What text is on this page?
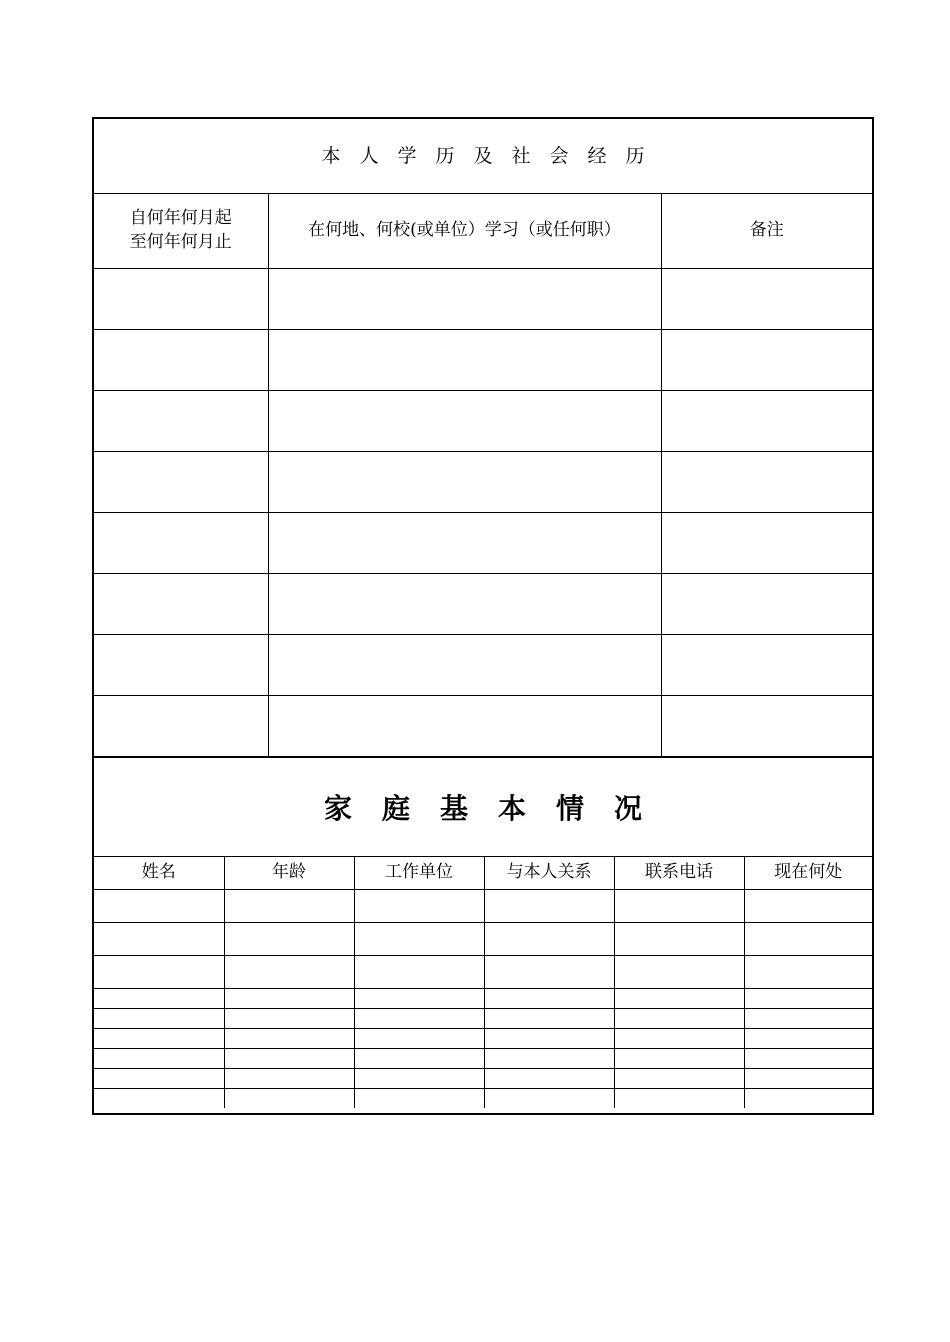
本人学历及社会经历		

自何年何月起
至何年何月止	在何地、何校(或单位）学习（或任何职）	备注

家庭基本情况
姓名	年龄	工作单位	与本人关系	联系电话	现在何处
